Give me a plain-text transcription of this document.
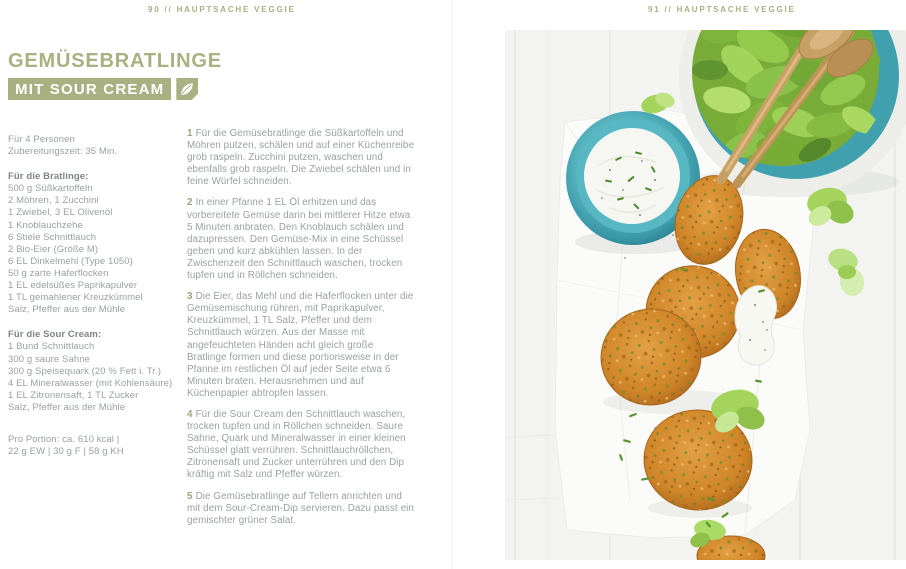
90 // HAUPTSACHE VEGGIE	91 // HAUPTSACHE VEGGIE
GEMÜSEBRATLINGE
MIT SOUR CREAM
Für 4 Personen
Zubereitungszeit: 35 Min.
Für die Bratlinge:
500 g Süßkartoffeln
2 Möhren, 1 Zucchini
1 Zwiebel, 3 EL Olivenöl
1 Knoblauchzehe
6 Stiele Schnittlauch
2 Bio-Eier (Größe M)
6 EL Dinkelmehl (Type 1050)
50 g zarte Haferflocken
1 EL edelsüßes Paprikapulver
1 TL gemahlener Kreuzkümmel
Salz, Pfeffer aus der Mühle
Für die Sour Cream:
1 Bund Schnittlauch
300 g saure Sahne
300 g Speisequark (20 % Fett i. Tr.)
4 EL Mineralwasser (mit Kohlensäure)
1 EL Zitronensaft, 1 TL Zucker
Salz, Pfeffer aus der Mühle
Pro Portion: ca. 610 kcal |
22 g EW | 30 g F | 58 g KH

1 Für die Gemüsebratlinge die Süßkartoffeln und Möhren putzen, schälen und auf einer Küchenreibe grob raspeln. Zucchini putzen, waschen und ebenfalls grob raspeln. Die Zwiebel schälen und in feine Würfel schneiden.

2 In einer Pfanne 1 EL Öl erhitzen und das vorbereitete Gemüse darin bei mittlerer Hitze etwa 5 Minuten anbraten. Den Knoblauch schälen und dazupressen. Den Gemüse-Mix in eine Schüssel geben und kurz abkühlen lassen. In der Zwischenzeit den Schnittlauch waschen, trocken tupfen und in Röllchen schneiden.

3 Die Eier, das Mehl und die Haferflocken unter die Gemüsemischung rühren, mit Paprikapulver, Kreuzkümmel, 1 TL Salz, Pfeffer und dem Schnittlauch würzen. Aus der Masse mit angefeuchteten Händen acht gleich große Bratlinge formen und diese portionsweise in der Pfanne im restlichen Öl auf jeder Seite etwa 6 Minuten braten. Herausnehmen und auf Küchenpapier abtropfen lassen.

4 Für die Sour Cream den Schnittlauch waschen, trocken tupfen und in Röllchen schneiden. Saure Sahne, Quark und Mineralwasser in einer kleinen Schüssel glatt verrühren. Schnittlauchröllchen, Zitronensaft und Zucker unterrühren und den Dip kräftig mit Salz und Pfeffer würzen.

5 Die Gemüsebratlinge auf Tellern anrichten und mit dem Sour-Cream-Dip servieren. Dazu passt ein gemischter grüner Salat.
